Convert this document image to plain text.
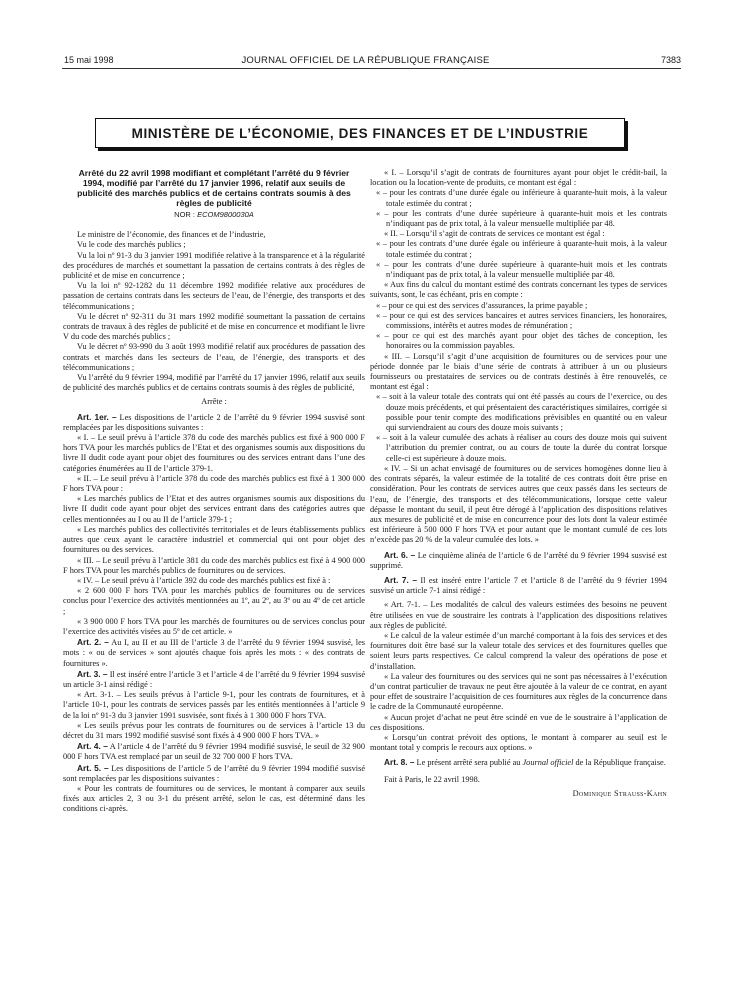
15 mai 1998	JOURNAL OFFICIEL DE LA RÉPUBLIQUE FRANÇAISE	7383
MINISTÈRE DE L’ÉCONOMIE, DES FINANCES ET DE L’INDUSTRIE
Arrêté du 22 avril 1998 modifiant et complétant l’arrêté du 9 février 1994, modifié par l’arrêté du 17 janvier 1996, relatif aux seuils de publicité des marchés publics et de certains contrats soumis à des règles de publicité
NOR : ECOM9800030A

Le ministre de l’économie, des finances et de l’industrie,

Vu le code des marchés publics ;

Vu la loi nº 91-3 du 3 janvier 1991 modifiée relative à la transparence et à la régularité des procédures de marchés et soumettant la passation de certains contrats à des règles de publicité et de mise en concurrence ;

Vu la loi nº 92-1282 du 11 décembre 1992 modifiée relative aux procédures de passation de certains contrats dans les secteurs de l’eau, de l’énergie, des transports et des télécommunications ;

Vu le décret nº 92-311 du 31 mars 1992 modifié soumettant la passation de certains contrats de travaux à des règles de publicité et de mise en concurrence et modifiant le livre V du code des marchés publics ;

Vu le décret nº 93-990 du 3 août 1993 modifié relatif aux procédures de passation des contrats et marchés dans les secteurs de l’eau, de l’énergie, des transports et des télécommunications ;

Vu l’arrêté du 9 février 1994, modifié par l’arrêté du 17 janvier 1996, relatif aux seuils de publicité des marchés publics et de certains contrats soumis à des règles de publicité,

Arrête :

Art. 1er. – Les dispositions de l’article 2 de l’arrêté du 9 février 1994 susvisé sont remplacées par les dispositions suivantes :

« I. – Le seuil prévu à l’article 378 du code des marchés publics est fixé à 900 000 F hors TVA pour les marchés publics de l’Etat et des organismes soumis aux dispositions du livre II dudit code ayant pour objet des fournitures ou des services entrant dans l’une des catégories énumérées au II de l’article 379-1.

« II. – Le seuil prévu à l’article 378 du code des marchés publics est fixé à 1 300 000 F hors TVA pour :

« Les marchés publics de l’Etat et des autres organismes soumis aux dispositions du livre II dudit code ayant pour objet des services entrant dans des catégories autres que celles mentionnées au I ou au II de l’article 379-1 ;

« Les marchés publics des collectivités territoriales et de leurs établissements publics autres que ceux ayant le caractère industriel et commercial qui ont pour objet des fournitures ou des services.

« III. – Le seuil prévu à l’article 381 du code des marchés publics est fixé à 4 900 000 F hors TVA pour les marchés publics de fournitures ou de services.

« IV. – Le seuil prévu à l’article 392 du code des marchés publics est fixé à :

« 2 600 000 F hors TVA pour les marchés publics de fournitures ou de services conclus pour l’exercice des activités mentionnées au 1º, au 2º, au 3º ou au 4º de cet article ;

« 3 900 000 F hors TVA pour les marchés de fournitures ou de services conclus pour l’exercice des activités visées au 5º de cet article. »

Art. 2. – Au I, au II et au III de l’article 3 de l’arrêté du 9 février 1994 susvisé, les mots : « ou de services » sont ajoutés chaque fois après les mots : « des contrats de fournitures ».

Art. 3. – Il est inséré entre l’article 3 et l’article 4 de l’arrêté du 9 février 1994 susvisé un article 3-1 ainsi rédigé :

« Art. 3-1. – Les seuils prévus à l’article 9-1, pour les contrats de fournitures, et à l’article 10-1, pour les contrats de services passés par les entités mentionnées à l’article 9 de la loi nº 91-3 du 3 janvier 1991 susvisée, sont fixés à 1 300 000 F hors TVA.

« Les seuils prévus pour les contrats de fournitures ou de services à l’article 13 du décret du 31 mars 1992 modifié susvisé sont fixés à 4 900 000 F hors TVA. »

Art. 4. – A l’article 4 de l’arrêté du 9 février 1994 modifié susvisé, le seuil de 32 900 000 F hors TVA est remplacé par un seuil de 32 700 000 F hors TVA.

Art. 5. – Les dispositions de l’article 5 de l’arrêté du 9 février 1994 modifié susvisé sont remplacées par les dispositions suivantes :

« Pour les contrats de fournitures ou de services, le montant à comparer aux seuils fixés aux articles 2, 3 ou 3-1 du présent arrêté, selon le cas, est déterminé dans les conditions ci-après.

« I. – Lorsqu’il s’agit de contrats de fournitures ayant pour objet le crédit-bail, la location ou la location-vente de produits, ce montant est égal :

« – pour les contrats d’une durée égale ou inférieure à quarante-huit mois, à la valeur totale estimée du contrat ;

« – pour les contrats d’une durée supérieure à quarante-huit mois et les contrats n’indiquant pas de prix total, à la valeur mensuelle multipliée par 48.

« II. – Lorsqu’il s’agit de contrats de services ce montant est égal :

« – pour les contrats d’une durée égale ou inférieure à quarante-huit mois, à la valeur totale estimée du contrat ;

« – pour les contrats d’une durée supérieure à quarante-huit mois et les contrats n’indiquant pas de prix total, à la valeur mensuelle multipliée par 48.

« Aux fins du calcul du montant estimé des contrats concernant les types de services suivants, sont, le cas échéant, pris en compte :

« – pour ce qui est des services d’assurances, la prime payable ;

« – pour ce qui est des services bancaires et autres services financiers, les honoraires, commissions, intérêts et autres modes de rémunération ;

« – pour ce qui est des marchés ayant pour objet des tâches de conception, les honoraires ou la commission payables.

« III. – Lorsqu’il s’agit d’une acquisition de fournitures ou de services pour une période donnée par le biais d’une série de contrats à attribuer à un ou plusieurs fournisseurs ou prestataires de services ou de contrats destinés à être renouvelés, ce montant est égal :

« – soit à la valeur totale des contrats qui ont été passés au cours de l’exercice, ou des douze mois précédents, et qui présentaient des caractéristiques similaires, corrigée si possible pour tenir compte des modifications prévisibles en quantité ou en valeur qui surviendraient au cours des douze mois suivants ;

« – soit à la valeur cumulée des achats à réaliser au cours des douze mois qui suivent l’attribution du premier contrat, ou au cours de toute la durée du contrat lorsque celle-ci est supérieure à douze mois.

« IV. – Si un achat envisagé de fournitures ou de services homogènes donne lieu à des contrats séparés, la valeur estimée de la totalité de ces contrats doit être prise en considération. Pour les contrats de services autres que ceux passés dans les secteurs de l’eau, de l’énergie, des transports et des télécommunications, lorsque cette valeur dépasse le montant du seuil, il peut être dérogé à l’application des dispositions relatives aux mesures de publicité et de mise en concurrence pour des lots dont la valeur estimée est inférieure à 500 000 F hors TVA et pour autant que le montant cumulé de ces lots n’excède pas 20 % de la valeur cumulée des lots. »

Art. 6. – Le cinquième alinéa de l’article 6 de l’arrêté du 9 février 1994 susvisé est supprimé.

Art. 7. – Il est inséré entre l’article 7 et l’article 8 de l’arrêté du 9 février 1994 susvisé un article 7-1 ainsi rédigé :

« Art. 7-1. – Les modalités de calcul des valeurs estimées des besoins ne peuvent être utilisées en vue de soustraire les contrats à l’application des dispositions relatives aux règles de publicité.

« Le calcul de la valeur estimée d’un marché comportant à la fois des services et des fournitures doit être basé sur la valeur totale des services et des fournitures quelles que soient leurs parts respectives. Ce calcul comprend la valeur des opérations de pose et d’installation.

« La valeur des fournitures ou des services qui ne sont pas nécessaires à l’exécution d’un contrat particulier de travaux ne peut être ajoutée à la valeur de ce contrat, en ayant pour effet de soustraire l’acquisition de ces fournitures aux règles de la concurrence dans le cadre de la Communauté européenne.

« Aucun projet d’achat ne peut être scindé en vue de le soustraire à l’application de ces dispositions.

« Lorsqu’un contrat prévoit des options, le montant à comparer au seuil est le montant total y compris le recours aux options. »

Art. 8. – Le présent arrêté sera publié au Journal officiel de la République française.

Fait à Paris, le 22 avril 1998.

Dominique Strauss-Kahn
